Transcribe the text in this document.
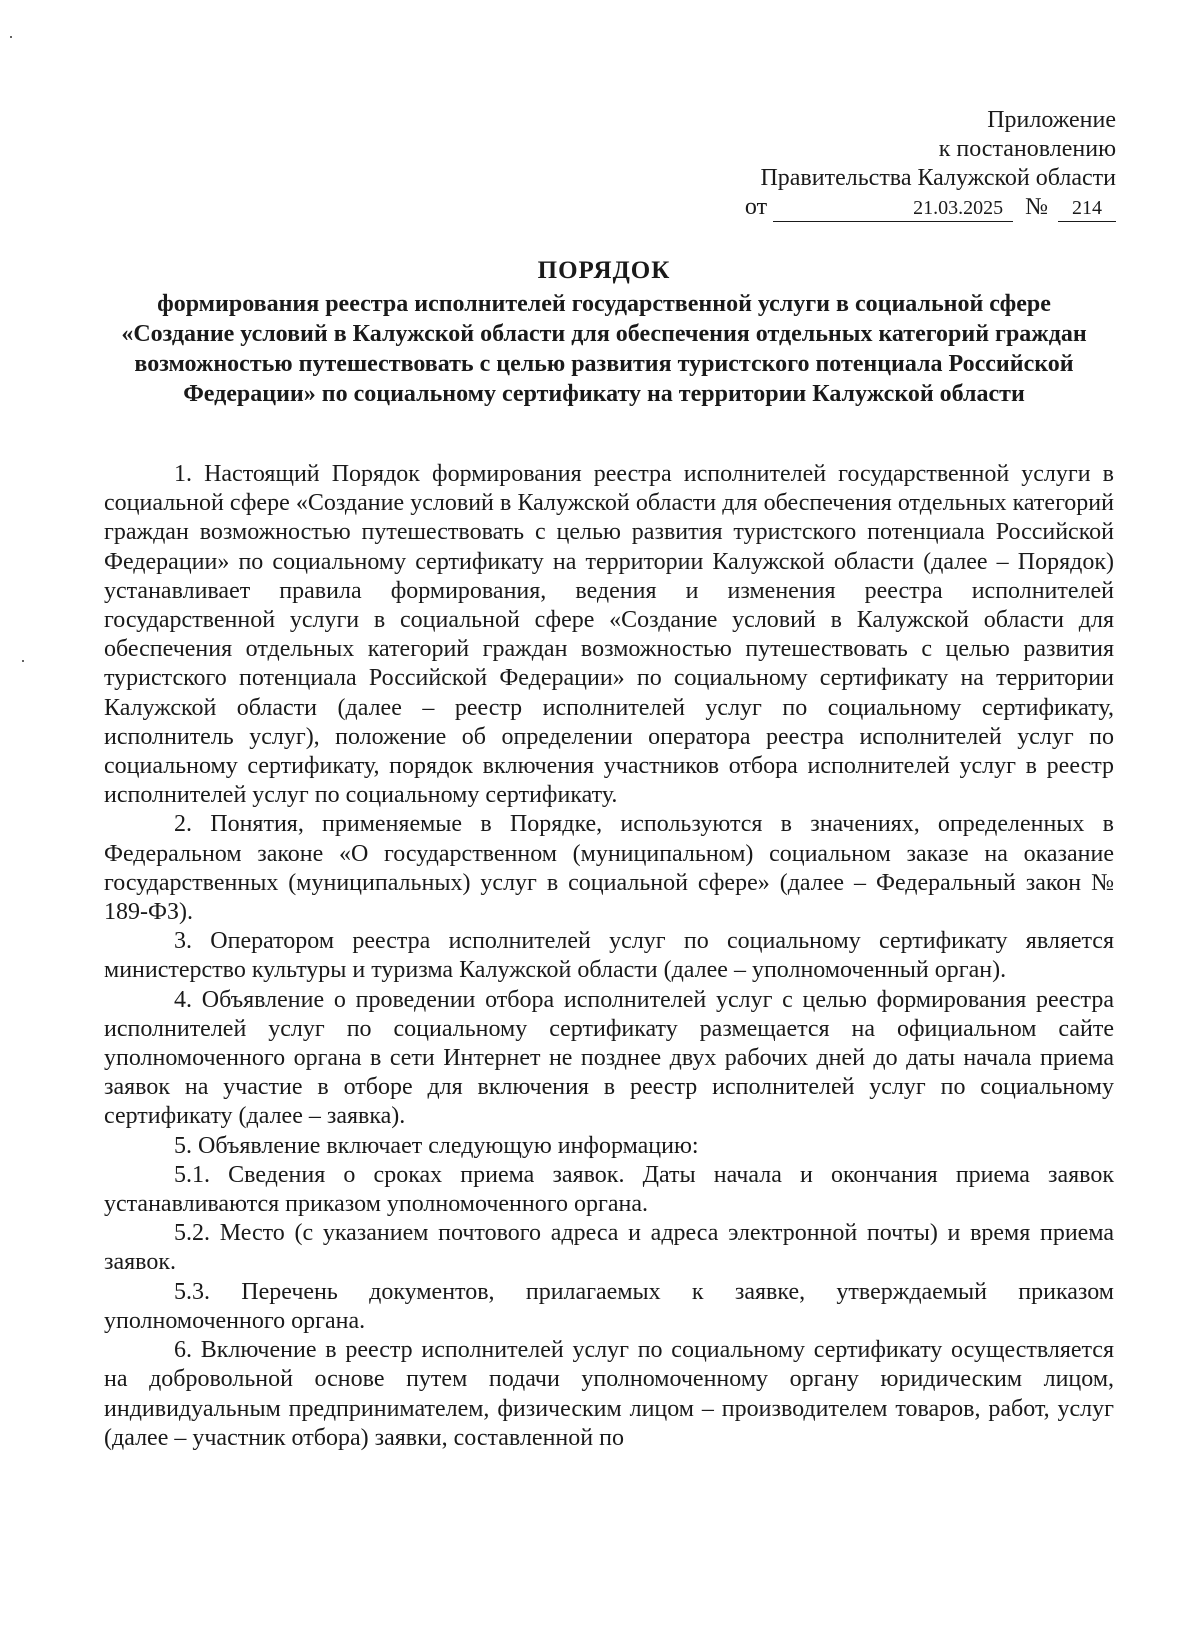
Приложение
к постановлению
Правительства Калужской области
от	21.03.2025 № 214
ПОРЯДОК
формирования реестра исполнителей государственной услуги в социальной сфере «Создание условий в Калужской области для обеспечения отдельных категорий граждан возможностью путешествовать с целью развития туристского потенциала Российской Федерации» по социальному сертификату на территории Калужской области

1. Настоящий Порядок формирования реестра исполнителей государственной услуги в социальной сфере «Создание условий в Калужской области для обеспечения отдельных категорий граждан возможностью путешествовать с целью развития туристского потенциала Российской Федерации» по социальному сертификату на территории Калужской области (далее – Порядок) устанавливает правила формирования, ведения и изменения реестра исполнителей государственной услуги в социальной сфере «Создание условий в Калужской области для обеспечения отдельных категорий граждан возможностью путешествовать с целью развития туристского потенциала Российской Федерации» по социальному сертификату на территории Калужской области (далее – реестр исполнителей услуг по социальному сертификату, исполнитель услуг), положение об определении оператора реестра исполнителей услуг по социальному сертификату, порядок включения участников отбора исполнителей услуг в реестр исполнителей услуг по социальному сертификату.

2. Понятия, применяемые в Порядке, используются в значениях, определенных в Федеральном законе «О государственном (муниципальном) социальном заказе на оказание государственных (муниципальных) услуг в социальной сфере» (далее – Федеральный закон № 189-ФЗ).

3. Оператором реестра исполнителей услуг по социальному сертификату является министерство культуры и туризма Калужской области (далее – уполномоченный орган).

4. Объявление о проведении отбора исполнителей услуг с целью формирования реестра исполнителей услуг по социальному сертификату размещается на официальном сайте уполномоченного органа в сети Интернет не позднее двух рабочих дней до даты начала приема заявок на участие в отборе для включения в реестр исполнителей услуг по социальному сертификату (далее – заявка).

5. Объявление включает следующую информацию:

5.1. Сведения о сроках приема заявок. Даты начала и окончания приема заявок устанавливаются приказом уполномоченного органа.

5.2. Место (с указанием почтового адреса и адреса электронной почты) и время приема заявок.

5.3. Перечень документов, прилагаемых к заявке, утверждаемый приказом уполномоченного органа.

6. Включение в реестр исполнителей услуг по социальному сертификату осуществляется на добровольной основе путем подачи уполномоченному органу юридическим лицом, индивидуальным предпринимателем, физическим лицом – производителем товаров, работ, услуг (далее – участник отбора) заявки, составленной по
